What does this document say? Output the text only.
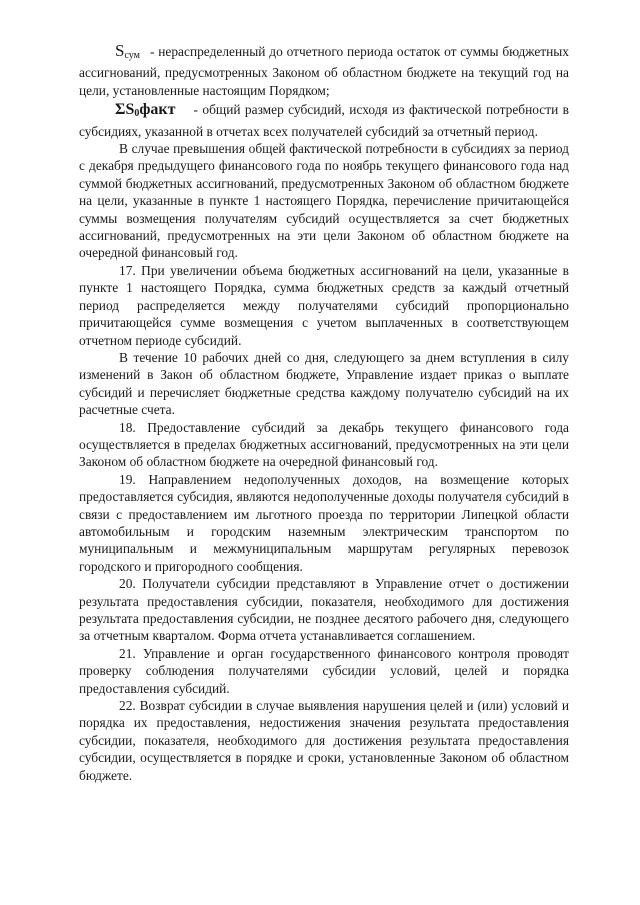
$S_{сум}$ - нераспределенный до отчетного периода остаток от суммы бюджетных ассигнований, предусмотренных Законом об областном бюджете на текущий год на цели, установленные настоящим Порядком;

$\Sigma S_0факт$ - общий размер субсидий, исходя из фактической потребности в субсидиях, указанной в отчетах всех получателей субсидий за отчетный период.

В случае превышения общей фактической потребности в субсидиях за период с декабря предыдущего финансового года по ноябрь текущего финансового года над суммой бюджетных ассигнований, предусмотренных Законом об областном бюджете на цели, указанные в пункте 1 настоящего Порядка, перечисление причитающейся суммы возмещения получателям субсидий осуществляется за счет бюджетных ассигнований, предусмотренных на эти цели Законом об областном бюджете на очередной финансовый год.

17. При увеличении объема бюджетных ассигнований на цели, указанные в пункте 1 настоящего Порядка, сумма бюджетных средств за каждый отчетный период распределяется между получателями субсидий пропорционально причитающейся сумме возмещения с учетом выплаченных в соответствующем отчетном периоде субсидий.

В течение 10 рабочих дней со дня, следующего за днем вступления в силу изменений в Закон об областном бюджете, Управление издает приказ о выплате субсидий и перечисляет бюджетные средства каждому получателю субсидий на их расчетные счета.

18. Предоставление субсидий за декабрь текущего финансового года осуществляется в пределах бюджетных ассигнований, предусмотренных на эти цели Законом об областном бюджете на очередной финансовый год.

19. Направлением недополученных доходов, на возмещение которых предоставляется субсидия, являются недополученные доходы получателя субсидий в связи с предоставлением им льготного проезда по территории Липецкой области автомобильным и городским наземным электрическим транспортом по муниципальным и межмуниципальным маршрутам регулярных перевозок городского и пригородного сообщения.

20. Получатели субсидии представляют в Управление отчет о достижении результата предоставления субсидии, показателя, необходимого для достижения результата предоставления субсидии, не позднее десятого рабочего дня, следующего за отчетным кварталом. Форма отчета устанавливается соглашением.

21. Управление и орган государственного финансового контроля проводят проверку соблюдения получателями субсидии условий, целей и порядка предоставления субсидий.

22. Возврат субсидии в случае выявления нарушения целей и (или) условий и порядка их предоставления, недостижения значения результата предоставления субсидии, показателя, необходимого для достижения результата предоставления субсидии, осуществляется в порядке и сроки, установленные Законом об областном бюджете.
